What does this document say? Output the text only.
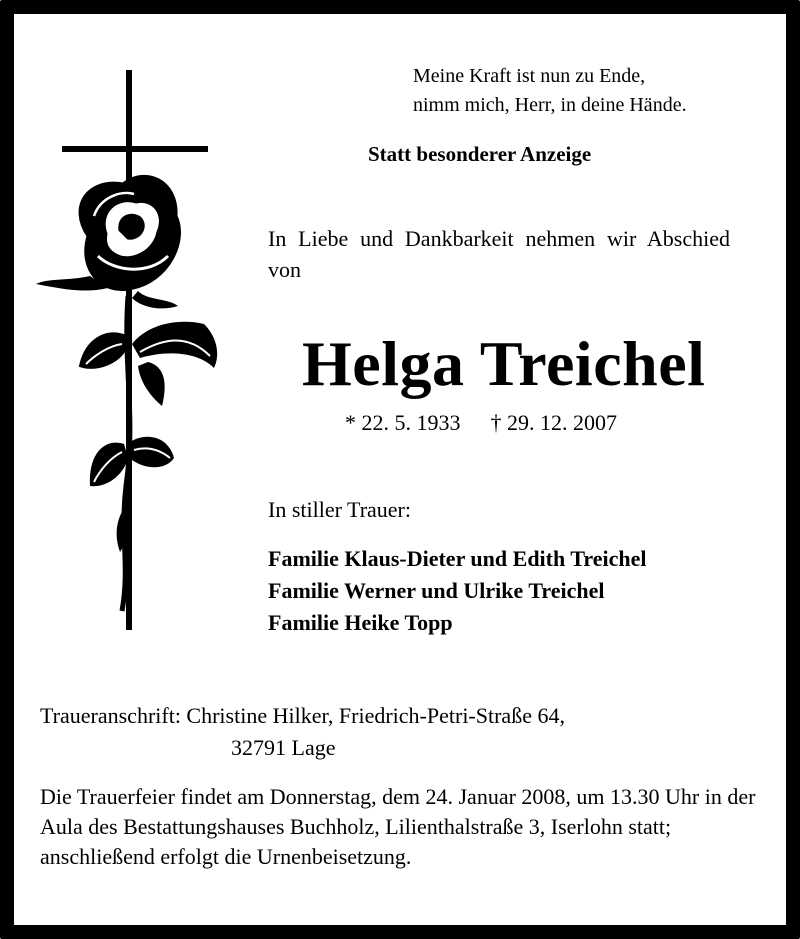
Meine Kraft ist nun zu Ende,
nimm mich, Herr, in deine Hände.
Statt besonderer Anzeige
In Liebe und Dankbarkeit nehmen wir Abschied von
Helga Treichel
* 22. 5. 1933 † 29. 12. 2007
In stiller Trauer:
Familie Klaus-Dieter und Edith Treichel
Familie Werner und Ulrike Treichel
Familie Heike Topp
Traueranschrift: Christine Hilker, Friedrich-Petri-Straße 64,
32791 Lage
Die Trauerfeier findet am Donnerstag, dem 24. Januar 2008, um 13.30 Uhr in der Aula des Bestattungshauses Buchholz, Lilienthalstraße 3, Iserlohn statt; anschließend erfolgt die Urnenbeisetzung.
